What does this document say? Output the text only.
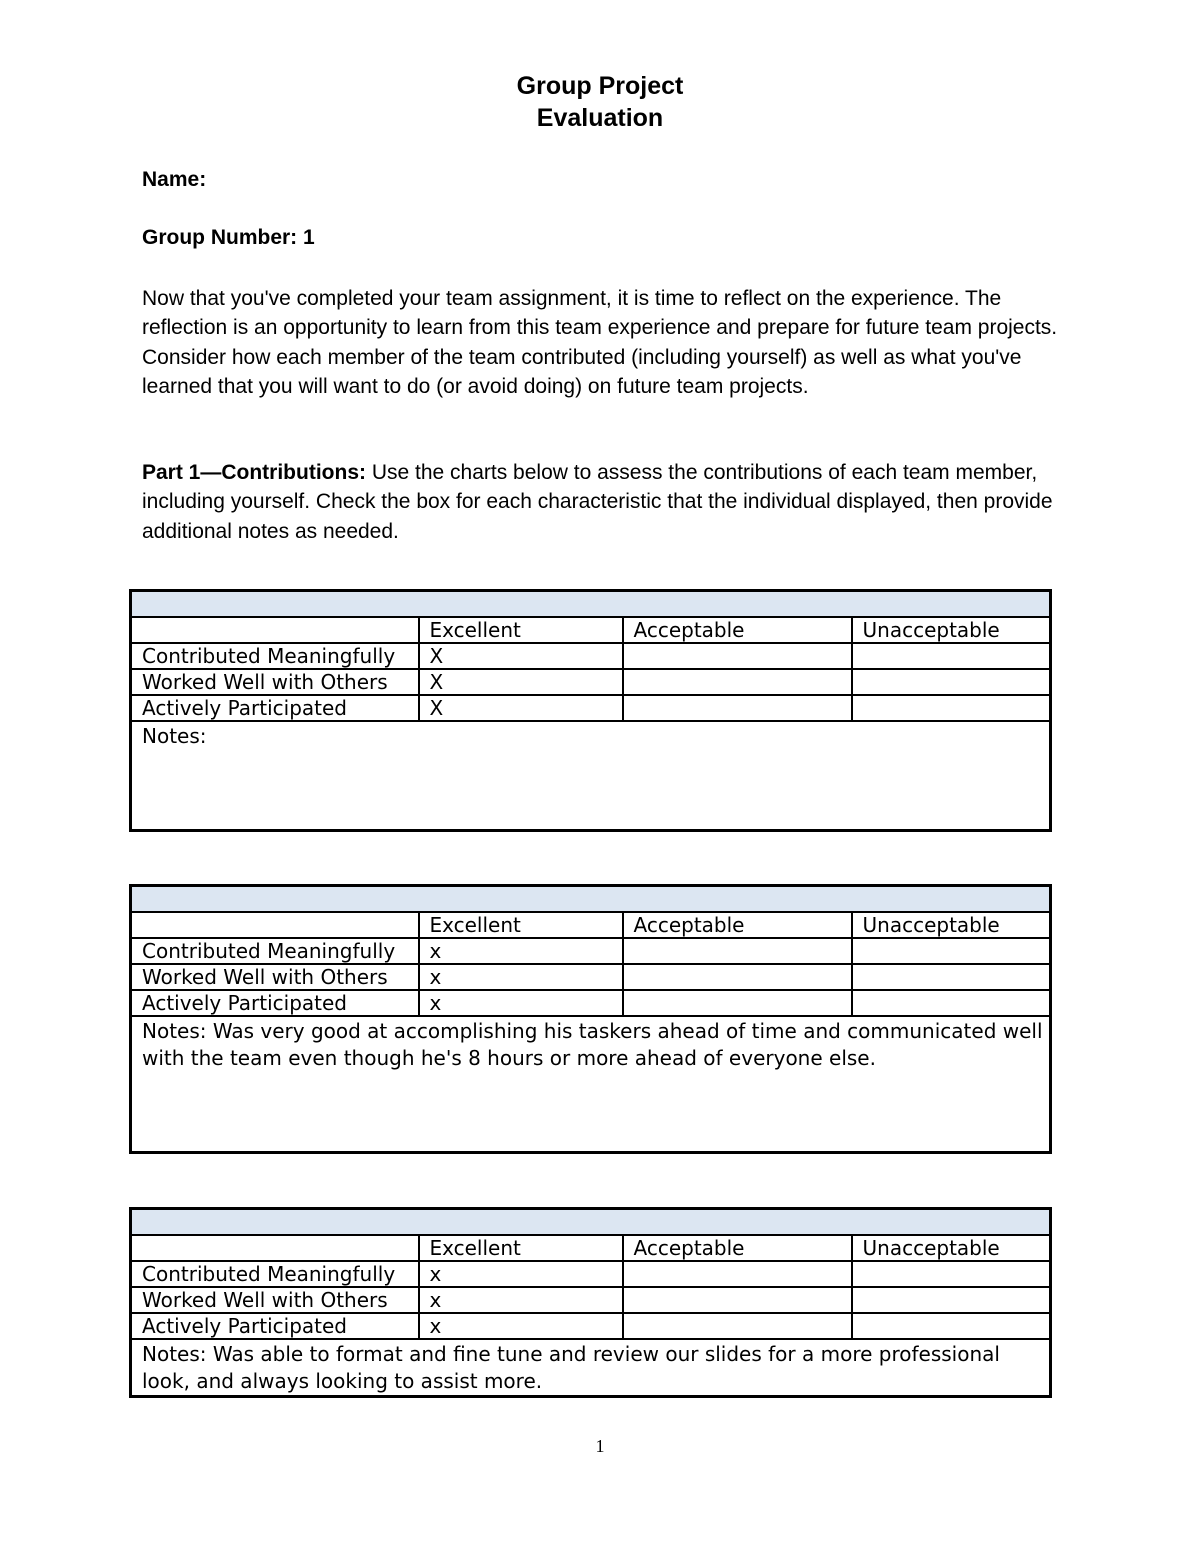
Group Project
Evaluation
Name:
Group Number: 1
Now that you've completed your team assignment, it is time to reflect on the experience. The reflection is an opportunity to learn from this team experience and prepare for future team projects. Consider how each member of the team contributed (including yourself) as well as what you've learned that you will want to do (or avoid doing) on future team projects.
Part 1—Contributions: Use the charts below to assess the contributions of each team member, including yourself. Check the box for each characteristic that the individual displayed, then provide additional notes as needed.

	Excellent	Acceptable	Unacceptable
Contributed Meaningfully	X		
Worked Well with Others	X		
Actively Participated	X		
Notes:			

	Excellent	Acceptable	Unacceptable
Contributed Meaningfully	x		
Worked Well with Others	x		
Actively Participated	x		
Notes: Was very good at accomplishing his taskers ahead of time and communicated well with the team even though he's 8 hours or more ahead of everyone else.			

	Excellent	Acceptable	Unacceptable
Contributed Meaningfully	x		
Worked Well with Others	x		
Actively Participated	x		
Notes: Was able to format and fine tune and review our slides for a more professional look, and always looking to assist more.			
1
